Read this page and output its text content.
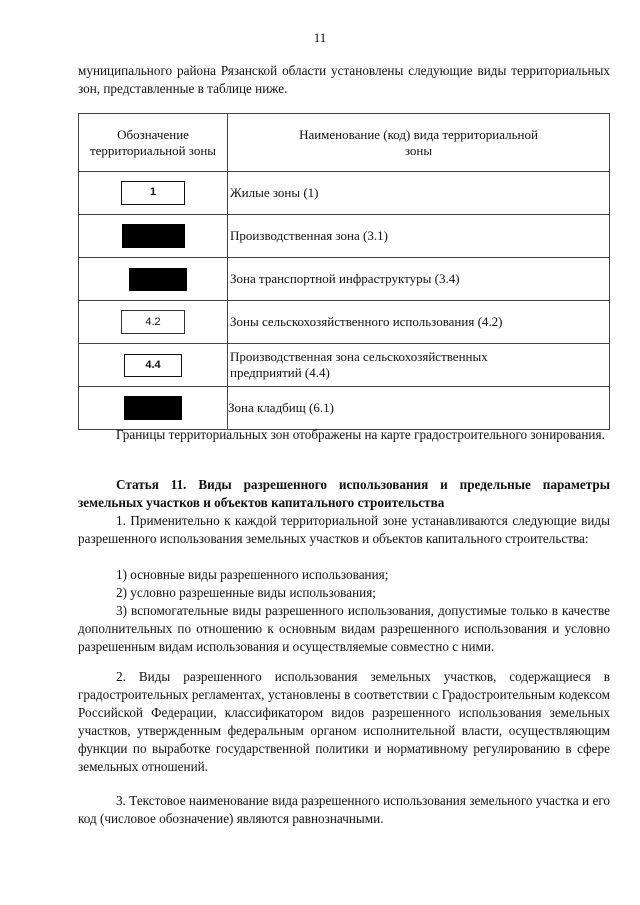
11
муниципального района Рязанской области установлены следующие виды территориальных зон, представленные в таблице ниже.
Обозначение территориальной зоны	Наименование (код) вида территориальной зоны
1	Жилые зоны (1)
	Производственная зона (3.1)
	Зона транспортной инфраструктуры (3.4)
4.2	Зоны сельскохозяйственного использования (4.2)
4.4	Производственная зона сельскохозяйственных предприятий (4.4)
	Зона кладбищ (6.1)
Границы территориальных зон отображены на карте градостроительного зонирования.
Статья 11. Виды разрешенного использования и предельные параметры земельных участков и объектов капитального строительства
1. Применительно к каждой территориальной зоне устанавливаются следующие виды разрешенного использования земельных участков и объектов капитального строительства:
1) основные виды разрешенного использования;
2) условно разрешенные виды использования;
3) вспомогательные виды разрешенного использования, допустимые только в качестве дополнительных по отношению к основным видам разрешенного использования и условно разрешенным видам использования и осуществляемые совместно с ними.
2. Виды разрешенного использования земельных участков, содержащиеся в градостроительных регламентах, установлены в соответствии с Градостроительным кодексом Российской Федерации, классификатором видов разрешенного использования земельных участков, утвержденным федеральным органом исполнительной власти, осуществляющим функции по выработке государственной политики и нормативному регулированию в сфере земельных отношений.
3. Текстовое наименование вида разрешенного использования земельного участка и его код (числовое обозначение) являются равнозначными.
